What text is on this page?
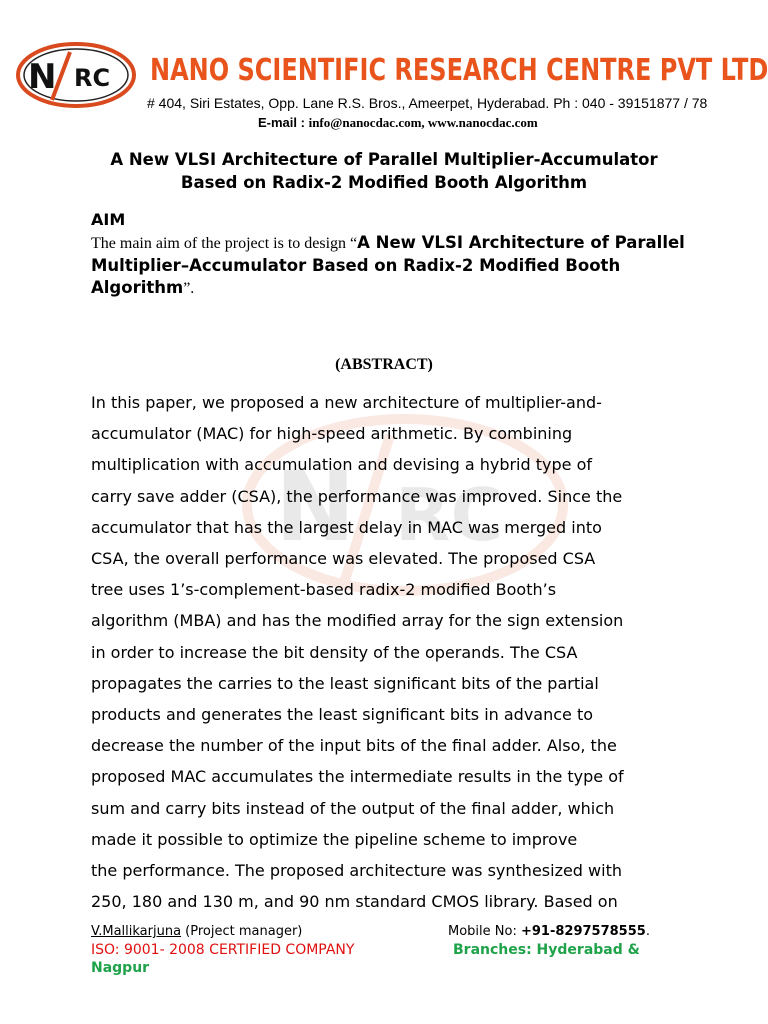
N RC NANO SCIENTIFIC RESEARCH CENTRE PVT LTD
# 404, Siri Estates, Opp. Lane R.S. Bros., Ameerpet, Hyderabad. Ph : 040 - 39151877 / 78
E-mail : info@nanocdac.com, www.nanocdac.com
N RC
A New VLSI Architecture of Parallel Multiplier-Accumulator
Based on Radix-2 Modified Booth Algorithm
AIM
The main aim of the project is to design “A New VLSI Architecture of Parallel
Multiplier–Accumulator Based on Radix-2 Modified Booth Algorithm”.
(ABSTRACT)
In this paper, we proposed a new architecture of multiplier-and-
accumulator (MAC) for high-speed arithmetic. By combining
multiplication with accumulation and devising a hybrid type of
carry save adder (CSA), the performance was improved. Since the
accumulator that has the largest delay in MAC was merged into
CSA, the overall performance was elevated. The proposed CSA
tree uses 1’s-complement-based radix-2 modified Booth’s
algorithm (MBA) and has the modified array for the sign extension
in order to increase the bit density of the operands. The CSA
propagates the carries to the least significant bits of the partial
products and generates the least significant bits in advance to
decrease the number of the input bits of the final adder. Also, the
proposed MAC accumulates the intermediate results in the type of
sum and carry bits instead of the output of the final adder, which
made it possible to optimize the pipeline scheme to improve
the performance. The proposed architecture was synthesized with
250, 180 and 130 m, and 90 nm standard CMOS library. Based on
V.Mallikarjuna (Project manager)	Mobile No: +91-8297578555.
ISO: 9001- 2008 CERTIFIED COMPANY	Branches: Hyderabad &
Nagpur
